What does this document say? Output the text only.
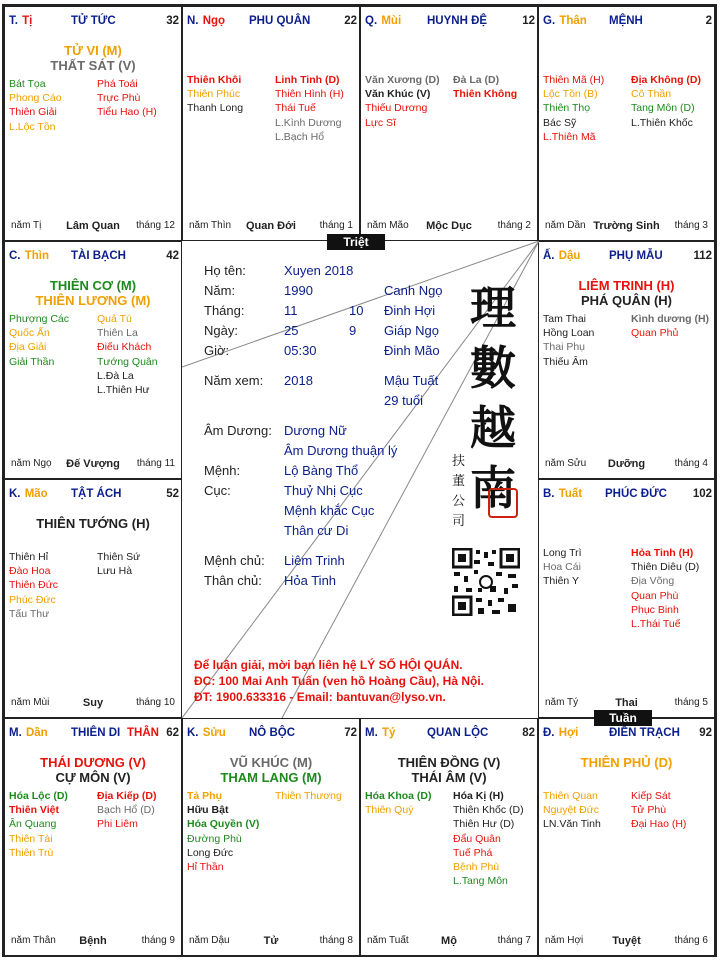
T. Tị	TỬ TỨC	32
TỬ VI (M)
THẤT SÁT (V)
Bát Tọa
Phong Cáo
Thiên Giải
L.Lộc Tồn
Phá Toái
Trực Phù
Tiểu Hao (H)
năm Tị	Lâm Quan	tháng 12
N. Ngọ PHU QUÂN	22
Thiên Khôi
Thiên Phúc
Thanh Long
Linh Tinh (D)
Thiên Hình (H)
Thái Tuế
L.Kình Dương
L.Bạch Hổ
năm Thìn	Quan Đới	tháng 1
Q. Mùi HUYNH ĐỆ	12
Văn Xương (D)
Văn Khúc (V)
Thiếu Dương
Lực Sĩ
Đà La (D)
Thiên Không
năm Mão	Mộc Dục	tháng 2
G. Thân MỆNH	2
Thiên Mã (H)
Lộc Tồn (B)
Thiên Thọ
Bác Sỹ
L.Thiên Mã
Địa Không (D)
Cô Thần
Tang Môn (D)
L.Thiên Khốc
năm Dần Trường Sinh	tháng 3
C. Thìn TÀI BẠCH	42
THIÊN CƠ (M)
THIÊN LƯƠNG (M)
Phượng Các
Quốc Ấn
Địa Giải
Giải Thần
Quả Tú
Thiên La
Điếu Khách
Tướng Quân
L.Đà La
L.Thiên Hư
năm Ngọ	Đế Vượng	tháng 11
Ấ. Dậu PHỤ MẪU	112
LIÊM TRINH (H)
PHÁ QUÂN (H)
Tam Thai
Hồng Loan
Thai Phụ
Thiếu Âm
Kình dương (H)
Quan Phủ
năm Sửu	Dưỡng	tháng 4
K. Mão TẬT ÁCH	52
THIÊN TƯỚNG (H)
Thiên Hỉ
Đào Hoa
Thiên Đức
Phúc Đức
Tấu Thư
Thiên Sứ
Lưu Hà
năm Mùi	Suy	tháng 10
B. Tuất PHÚC ĐỨC 102
Long Trì
Hoa Cái
Thiên Y
Hỏa Tinh (H)
Thiên Diêu (D)
Địa Võng
Quan Phù
Phục Binh
L.Thái Tuế
năm Tý	Thai	tháng 5
M. Dần THIÊN DI THÂN 62
THÁI DƯƠNG (V)
CỰ MÔN (V)
Hóa Lộc (D)
Thiên Việt
Ân Quang
Thiên Tài
Thiên Trù
Địa Kiếp (D)
Bạch Hổ (D)
Phi Liêm
năm Thân	Bệnh	tháng 9
K. Sửu NÔ BỘC	72
VŨ KHÚC (M)
THAM LANG (M)
Tả Phụ
Hữu Bật
Hóa Quyền (V)
Đường Phù
Long Đức
Hỉ Thần
Thiên Thương
năm Dậu	Tử	tháng 8
M. Tý	QUAN LỘC	82
THIÊN ĐỒNG (V)
THÁI ÂM (V)
Hóa Khoa (D)
Thiên Quý
Hóa Kị (H)
Thiên Khốc (D)
Thiên Hư (D)
Đẩu Quân
Tuế Phá
Bệnh Phù
L.Tang Môn
năm Tuất	Mộ	tháng 7
Đ. Hợi	ĐIỀN TRẠCH 92
THIÊN PHỦ (D)
Thiên Quan
Nguyệt Đức
LN.Văn Tinh
Kiếp Sát
Tử Phù
Đại Hao (H)
năm Hợi	Tuyệt	tháng 6
Họ tên:	Xuyen 2018
Năm:	1990	Canh Ngọ
Tháng:	11	10 Đinh Hợi
Ngày:	25	9 Giáp Ngọ
Giờ:	05:30	Đinh Mão
Năm xem: 2018	Mậu Tuất
29 tuổi
Âm Dương: Dương Nữ
Âm Dương thuận lý
Mệnh:	Lộ Bàng Thổ
Cục:	Thuỷ Nhị Cục
Mệnh khắc Cục
Thân cư Di
Mệnh chủ: Liêm Trinh
Thân chủ: Hỏa Tinh
理
數
越
南
扶
董
公
司
Để luận giải, mời bạn liên hệ LÝ SỐ HỘI QUÁN.
ĐC: 100 Mai Anh Tuấn (ven hồ Hoàng Cầu), Hà Nội.
ĐT: 1900.633316 - Email: bantuvan@lyso.vn.
Triệt
Tuần
